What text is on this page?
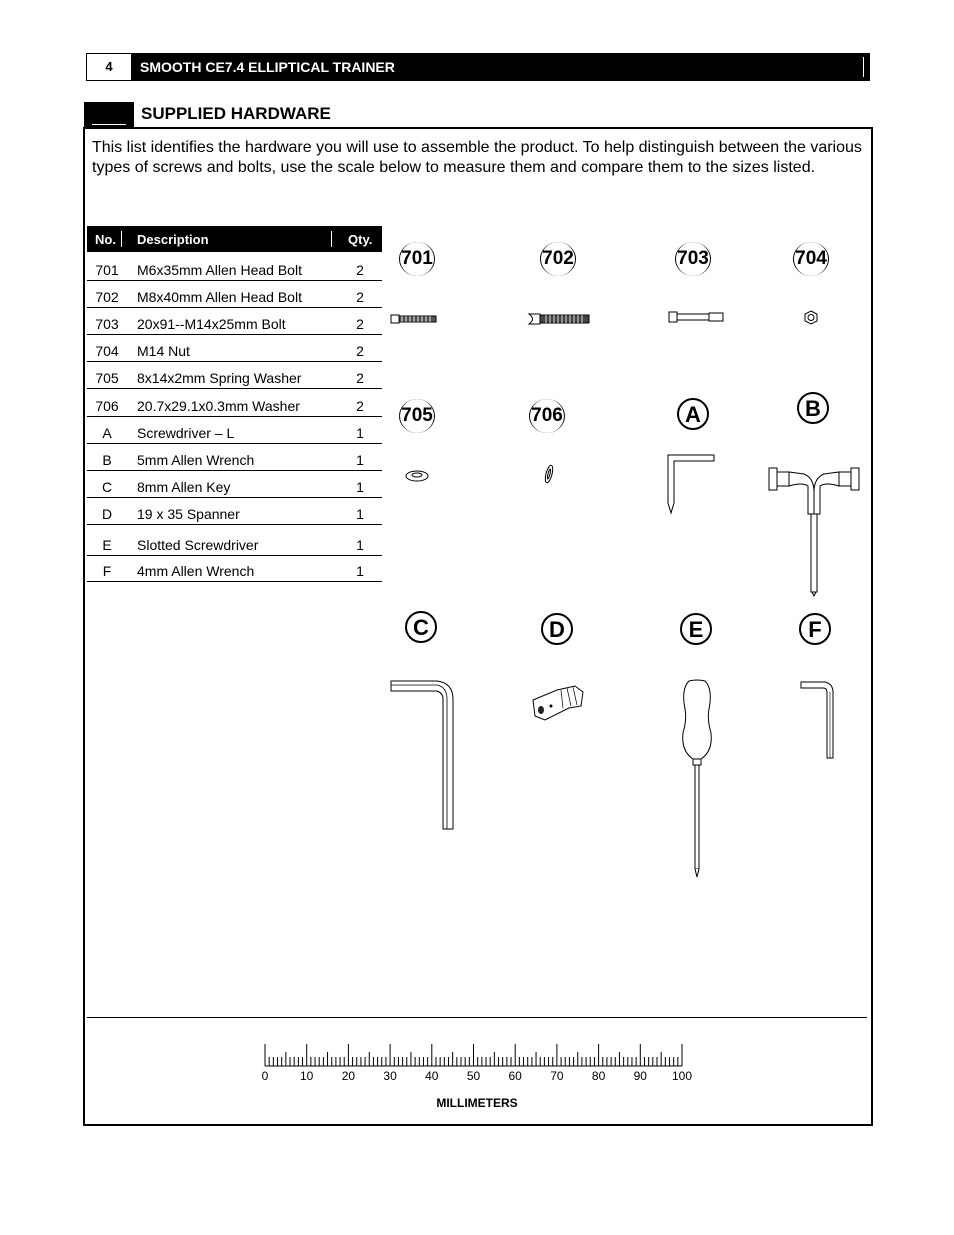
4	SMOOTH CE7.4 ELLIPTICAL TRAINER
SUPPLIED HARDWARE
This list identifies the hardware you will use to assemble the product. To help distinguish between the various types of screws and bolts, use the scale below to measure them and compare them to the sizes listed.
No. Description	Qty.
701	M6x35mm Allen Head Bolt	2
702	M8x40mm Allen Head Bolt	2
703	20x91--M14x25mm Bolt	2
704	M14 Nut	2
705	8x14x2mm Spring Washer	2
706	20.7x29.1x0.3mm Washer	2
A	Screwdriver – L	1
B	5mm Allen Wrench	1
C	8mm Allen Key	1
D	19 x 35 Spanner	1
E	Slotted Screwdriver	1
F	4mm Allen Wrench	1
701	702	703	704
705	706	A	B
C	D	E	F
0	10	20	30	40	50	60	70	80	90	100
MILLIMETERS
